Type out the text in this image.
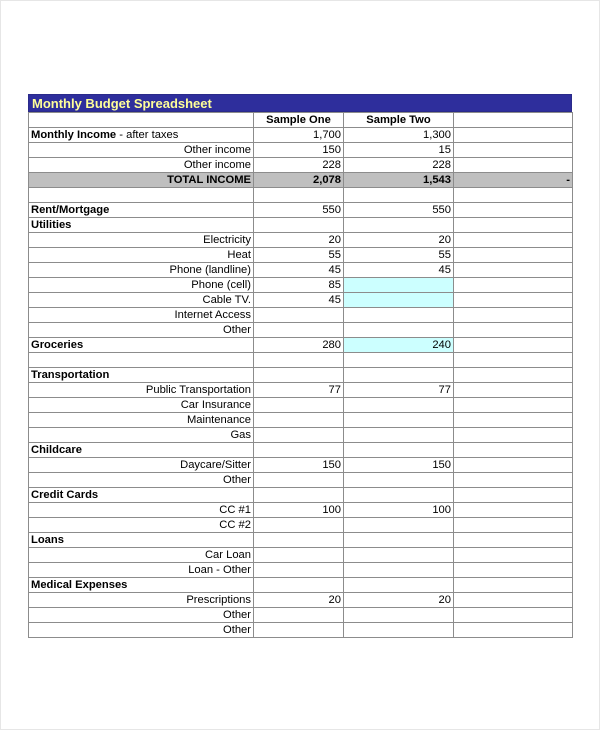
Monthly Budget Spreadsheet
	Sample One	Sample Two	
Monthly Income - after taxes	1,700	1,300	
Other income	150	15	
Other income	228	228	
TOTAL INCOME	2,078	1,543	-

Rent/Mortgage	550	550	
Utilities			
Electricity	20	20	
Heat	55	55	
Phone (landline)	45	45	
Phone (cell)	85		
Cable TV.	45		
Internet Access			
Other			
Groceries	280	240	

Transportation			
Public Transportation	77	77	
Car Insurance			
Maintenance			
Gas			
Childcare			
Daycare/Sitter	150	150	
Other			
Credit Cards			
CC #1	100	100	
CC #2			
Loans			
Car Loan			
Loan - Other			
Medical Expenses			
Prescriptions	20	20	
Other			
Other			
